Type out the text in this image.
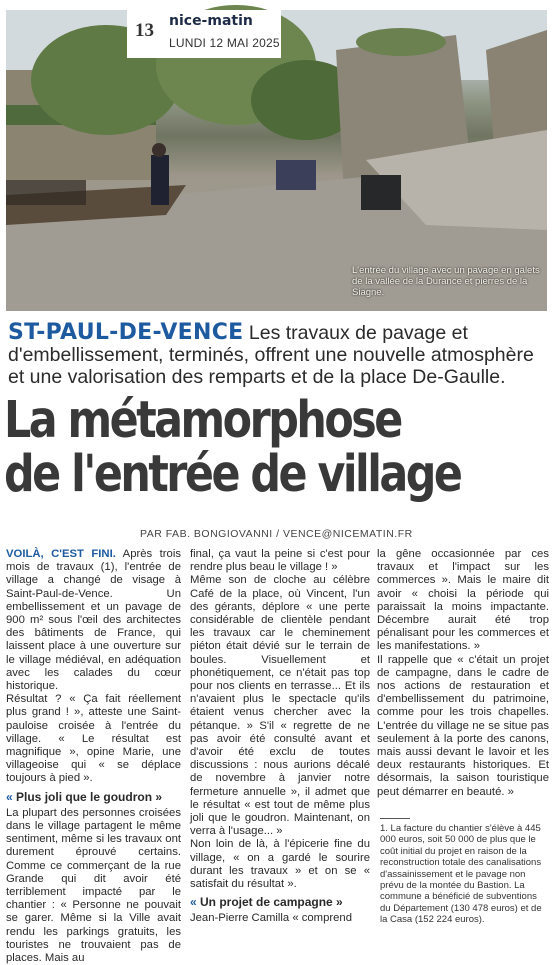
13 nice-matin
LUNDI 12 MAI 2025
L'entrée du village avec un pavage en galets de la vallée de la Durance et pierres de la Siagne.
ST-PAUL-DE-VENCE Les travaux de pavage et d'embellissement, terminés, offrent une nouvelle atmosphère et une valorisation des remparts et de la place De-Gaulle.
La métamorphose
de l'entrée de village
PAR FAB. BONGIOVANNI / VENCE@NICEMATIN.FR

VOILÀ, C'EST FINI. Après trois mois de travaux (1), l'entrée de village a changé de visage à Saint-Paul-de-Vence. Un embellissement et un pavage de 900 m² sous l'œil des architectes des bâtiments de France, qui laissent place à une ouverture sur le village médiéval, en adéquation avec les calades du cœur historique.

Résultat ? « Ça fait réellement plus grand ! », atteste une Saint-pauloise croisée à l'entrée du village. « Le résultat est magnifique », opine Marie, une villageoise qui « se déplace toujours à pied ».

« Plus joli que le goudron »

La plupart des personnes croisées dans le village partagent le même sentiment, même si les travaux ont durement éprouvé certains. Comme ce commerçant de la rue Grande qui dit avoir été terriblement impacté par le chantier : « Personne ne pouvait se garer. Même si la Ville avait rendu les parkings gratuits, les touristes ne trouvaient pas de places. Mais au

final, ça vaut la peine si c'est pour rendre plus beau le village ! »

Même son de cloche au célèbre Café de la place, où Vincent, l'un des gérants, déplore « une perte considérable de clientèle pendant les travaux car le cheminement piéton était dévié sur le terrain de boules. Visuellement et phonétiquement, ce n'était pas top pour nos clients en terrasse... Et ils n'avaient plus le spectacle qu'ils étaient venus chercher avec la pétanque. » S'il « regrette de ne pas avoir été consulté avant et d'avoir été exclu de toutes discussions : nous aurions décalé de novembre à janvier notre fermeture annuelle », il admet que le résultat « est tout de même plus joli que le goudron. Maintenant, on verra à l'usage... »

Non loin de là, à l'épicerie fine du village, « on a gardé le sourire durant les travaux » et on se « satisfait du résultat ».

« Un projet de campagne »

Jean-Pierre Camilla « comprend

la gêne occasionnée par ces travaux et l'impact sur les commerces ». Mais le maire dit avoir « choisi la période qui paraissait la moins impactante. Décembre aurait été trop pénalisant pour les commerces et les manifestations. »

Il rappelle que « c'était un projet de campagne, dans le cadre de nos actions de restauration et d'embellissement du patrimoine, comme pour les trois chapelles. L'entrée du village ne se situe pas seulement à la porte des canons, mais aussi devant le lavoir et les deux restaurants historiques. Et désormais, la saison touristique peut démarrer en beauté. »

1. La facture du chantier s'élève à 445 000 euros, soit 50 000 de plus que le coût initial du projet en raison de la reconstruction totale des canalisations d'assainissement et le pavage non prévu de la montée du Bastion. La commune a bénéficié de subventions du Département (130 478 euros) et de la Casa (152 224 euros).
